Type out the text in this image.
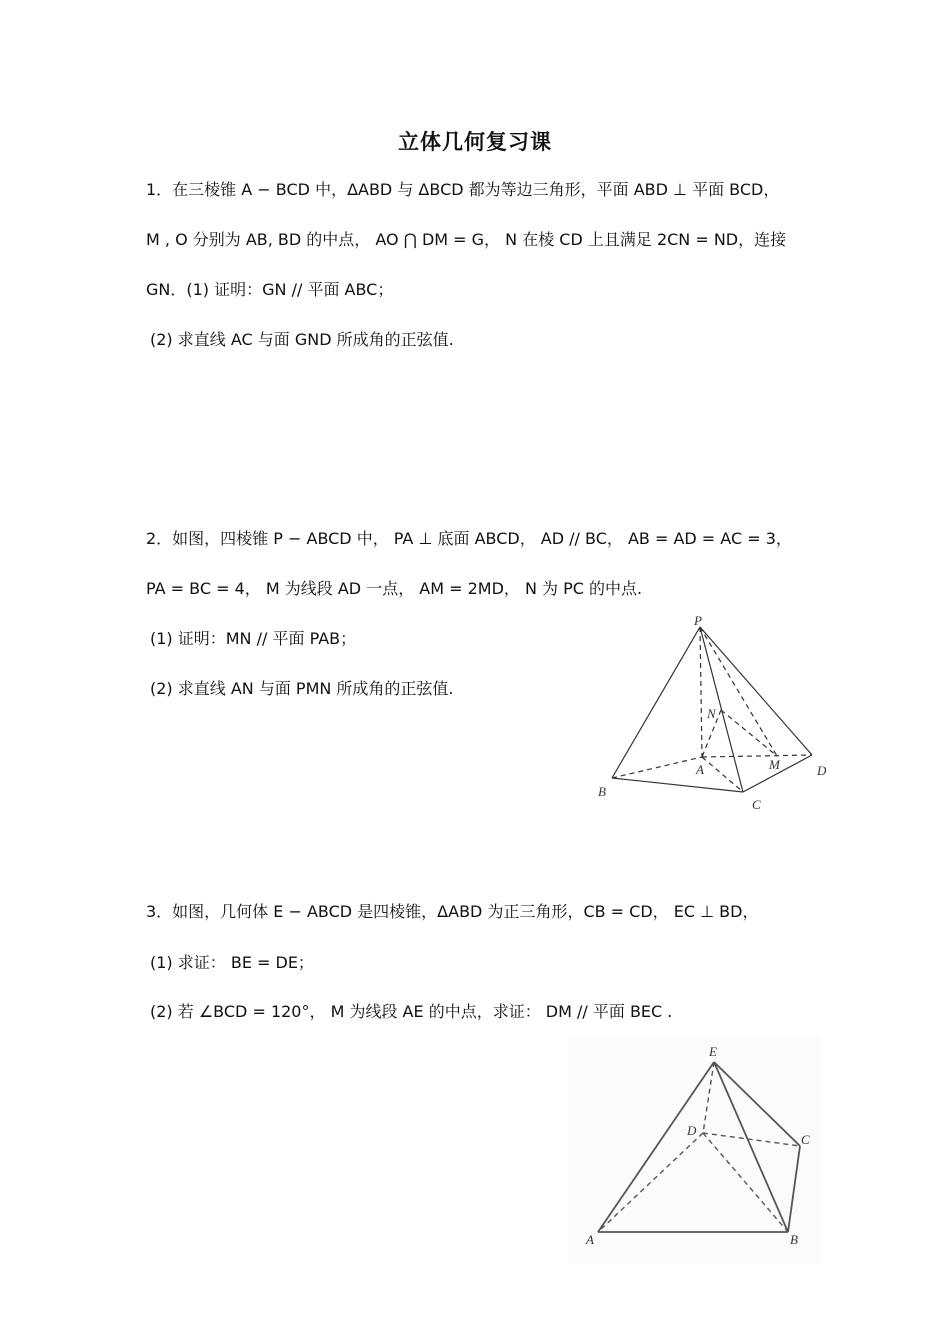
立体几何复习课
1．在三棱锥 A − BCD 中，ΔABD 与 ΔBCD 都为等边三角形，平面 ABD ⊥ 平面 BCD，
M , O 分别为 AB, BD 的中点， AO ⋂ DM = G， N 在棱 CD 上且满足 2CN = ND，连接
GN．(1) 证明：GN // 平面 ABC；
(2) 求直线 AC 与面 GND 所成角的正弦值.
2．如图，四棱锥 P − ABCD 中， PA ⊥ 底面 ABCD， AD // BC， AB = AD = AC = 3，
PA = BC = 4， M 为线段 AD 一点， AM = 2MD， N 为 PC 的中点.
(1) 证明：MN // 平面 PAB；
(2) 求直线 AN 与面 PMN 所成角的正弦值.
P
N
A	M	D
B
C
3．如图，几何体 E − ABCD 是四棱锥，ΔABD 为正三角形，CB = CD， EC ⊥ BD，
(1) 求证： BE = DE；
(2) 若 ∠BCD = 120°， M 为线段 AE 的中点，求证： DM // 平面 BEC .
E
D
C
A	B
